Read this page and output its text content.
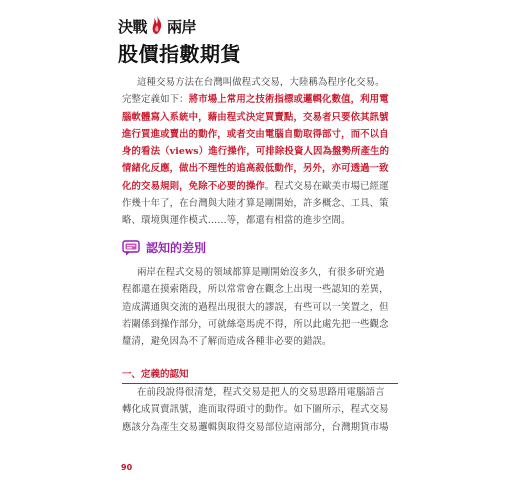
決戰 兩岸
股價指數期貨
這種交易方法在台灣叫做程式交易，大陸稱為程序化交易。
完整定義如下：將市場上常用之技術指標或邏輯化數值，利用電
腦軟體寫入系統中，藉由程式決定買賣點，交易者只要依其訊號
進行買進或賣出的動作，或者交由電腦自動取得部寸，而不以自
身的看法（views）進行操作，可排除投資人因為盤勢所產生的
情緒化反應，做出不理性的追高殺低動作，另外，亦可透過一致
化的交易規則，免除不必要的操作。程式交易在歐美市場已經運
作幾十年了，在台灣與大陸才算是剛開始，許多概念、工具、策
略、環境與運作模式……等，都還有相當的進步空間。
認知的差別
兩岸在程式交易的領域都算是剛開始沒多久，有很多研究過
程都還在摸索階段，所以常常會在觀念上出現一些認知的差異，
造成溝通與交流的過程出現很大的謬誤，有些可以一笑置之，但
若關係到操作部分，可就絲毫馬虎不得，所以此處先把一些觀念
釐清，避免因為不了解而造成各種非必要的錯誤。
一、定義的認知
在前段說得很清楚，程式交易是把人的交易思路用電腦語言
轉化成買賣訊號，進而取得頭寸的動作。如下圖所示，程式交易
應該分為產生交易邏輯與取得交易部位這兩部分，台灣期貨市場
90
